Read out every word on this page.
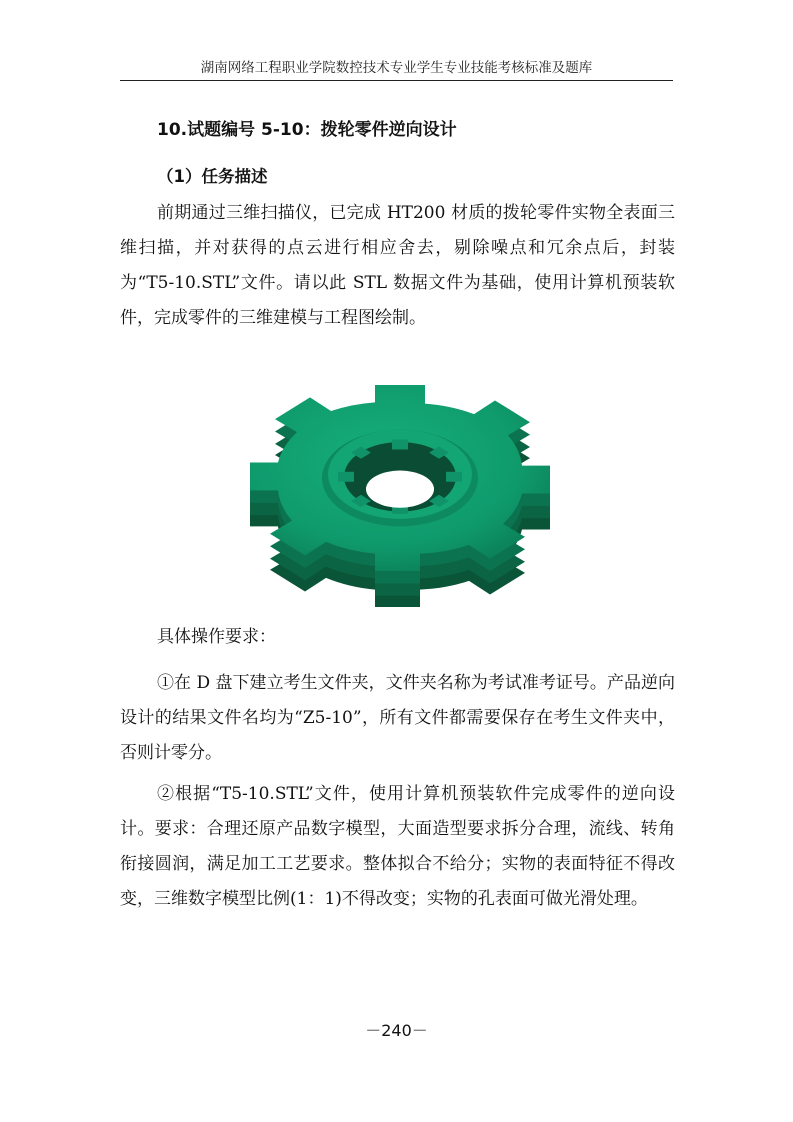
湖南网络工程职业学院数控技术专业学生专业技能考核标准及题库
10.试题编号 5-10：拨轮零件逆向设计
（1）任务描述

前期通过三维扫描仪，已完成 HT200 材质的拨轮零件实物全表面三维扫描，并对获得的点云进行相应舍去，剔除噪点和冗余点后，封装为“T5-10.STL”文件。请以此 STL 数据文件为基础，使用计算机预装软件，完成零件的三维建模与工程图绘制。

具体操作要求：

①在 D 盘下建立考生文件夹，文件夹名称为考试准考证号。产品逆向设计的结果文件名均为“Z5-10”，所有文件都需要保存在考生文件夹中，否则计零分。

②根据“T5-10.STL”文件，使用计算机预装软件完成零件的逆向设计。要求：合理还原产品数字模型，大面造型要求拆分合理，流线、转角衔接圆润，满足加工工艺要求。整体拟合不给分；实物的表面特征不得改变，三维数字模型比例(1：1)不得改变；实物的孔表面可做光滑处理。

－240－
